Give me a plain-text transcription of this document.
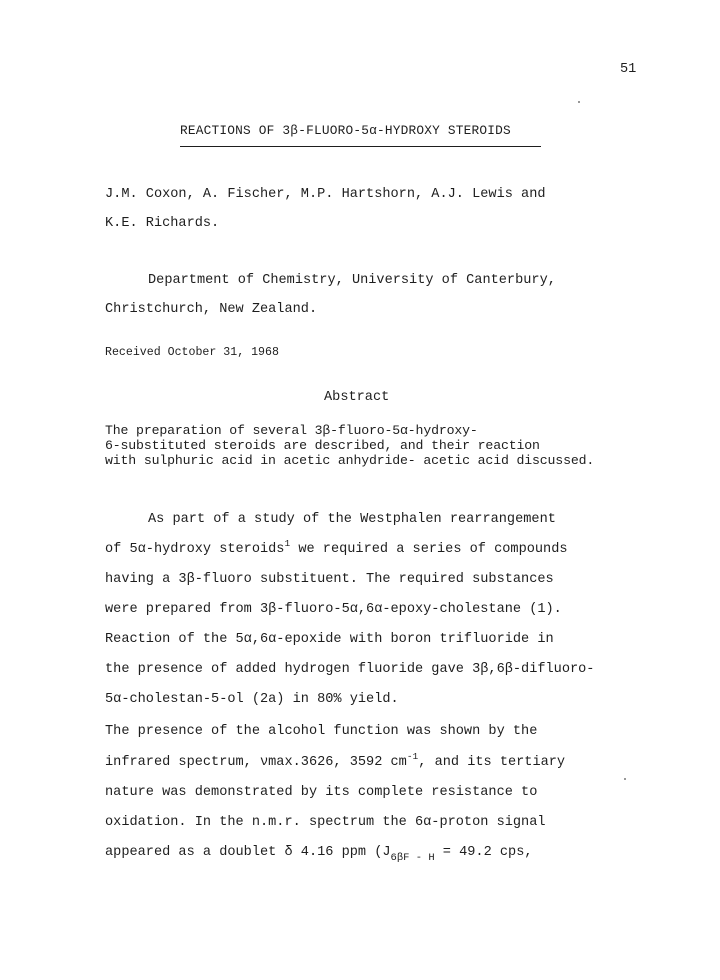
51
REACTIONS OF 3β-FLUORO-5α-HYDROXY STEROIDS
J.M. Coxon, A. Fischer, M.P. Hartshorn, A.J. Lewis and
K.E. Richards.
Department of Chemistry, University of Canterbury,
Christchurch, New Zealand.
Received October 31, 1968
Abstract
The preparation of several 3β-fluoro-5α-hydroxy-
6-substituted steroids are described, and their reaction
with sulphuric acid in acetic anhydride- acetic acid discussed.
As part of a study of the Westphalen rearrangement
of 5α-hydroxy steroids$^1$ we required a series of compounds
having a 3β-fluoro substituent. The required substances
were prepared from 3β-fluoro-5α,6α-epoxy-cholestane (1).
Reaction of the 5α,6α-epoxide with boron trifluoride in
the presence of added hydrogen fluoride gave 3β,6β-difluoro-
5α-cholestan-5-ol (2a) in 80% yield.
The presence of the alcohol function was shown by the
infrared spectrum, νmax.3626, 3592 $cm^{-1}$, and its tertiary
nature was demonstrated by its complete resistance to
oxidation. In the n.m.r. spectrum the 6α-proton signal
appeared as a doublet δ 4.16 ppm ($J_{6\beta F - H} = 49.2$ cps,
